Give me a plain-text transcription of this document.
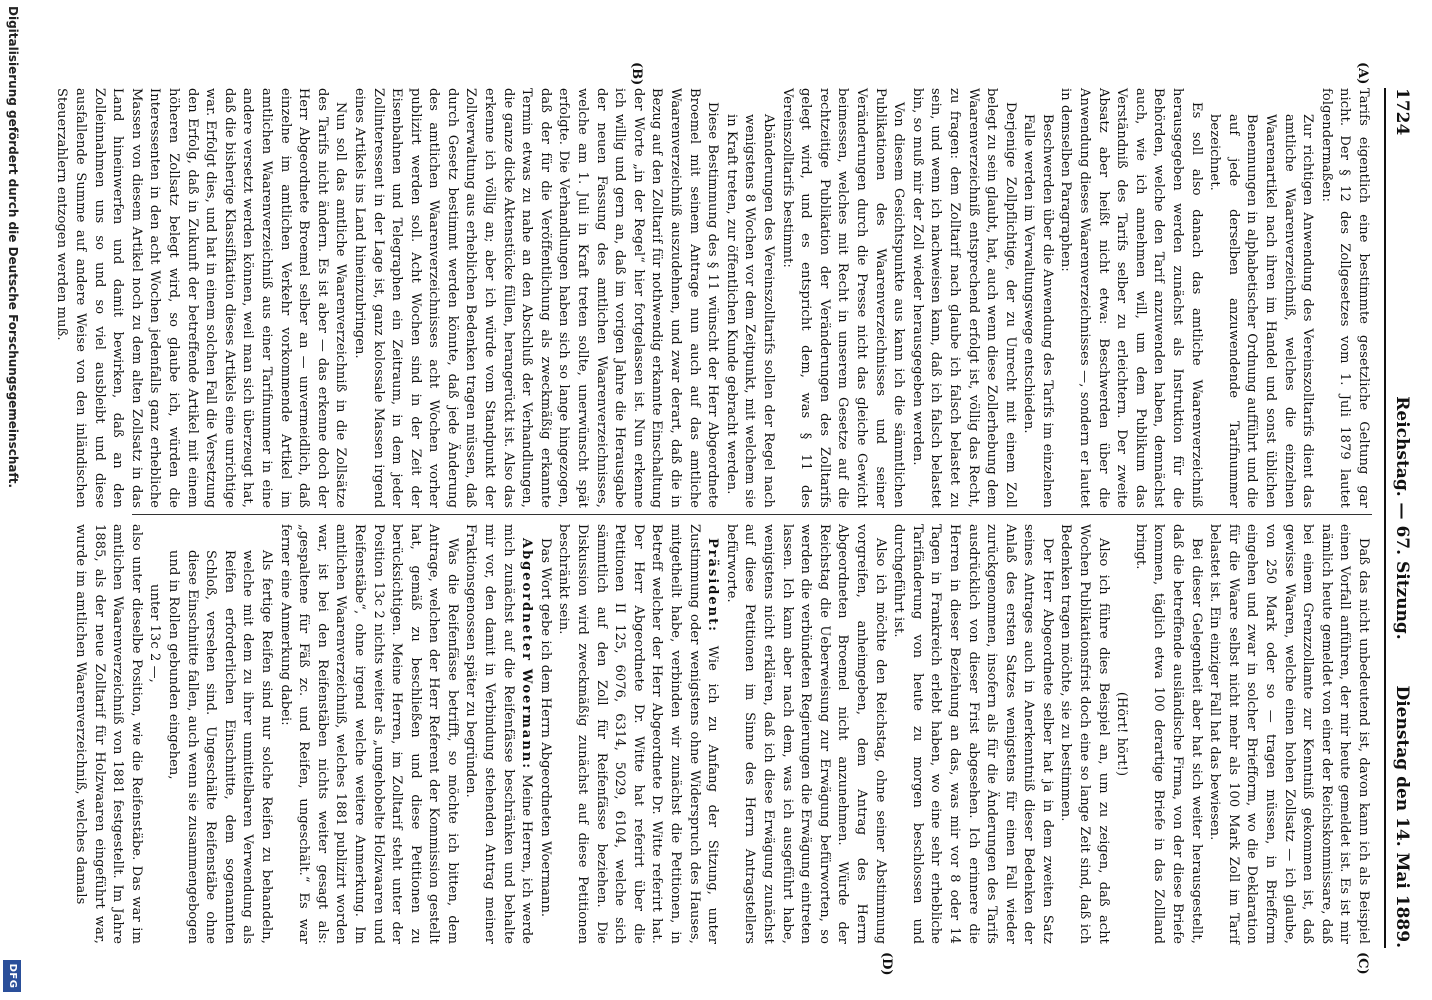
1724
Reichstag. — 67. Sitzung.
Dienstag den 14. Mai 1889.
(A)
(B)
(C)
(D)

Tarifs eigentlich eine bestimmte gesetzliche Geltung gar nicht. Der § 12 des Zollgesetzes vom 1. Juli 1879 lautet folgendermaßen:

Zur richtigen Anwendung des Vereinszolltarifs dient das amtliche Waarenverzeichniß, welches die einzelnen Waarenartikel nach ihren im Handel und sonst üblichen Benennungen in alphabetischer Ordnung aufführt und die auf jede derselben anzuwendende Tarifnummer bezeichnet.

Es soll also danach das amtliche Waarenverzeichniß herausgegeben werden zunächst als Instruktion für die Behörden, welche den Tarif anzuwenden haben, demnächst auch, wie ich annehmen will, um dem Publikum das Verständniß des Tarifs selber zu erleichtern. Der zweite Absatz aber heißt nicht etwa: Beschwerden über die Anwendung dieses Waarenverzeichnisses —, sondern er lautet in demselben Paragraphen:

Beschwerden über die Anwendung des Tarifs im einzelnen Falle werden im Verwaltungswege entschieden.

Derjenige Zollpflichtige, der zu Unrecht mit einem Zoll belegt zu sein glaubt, hat, auch wenn diese Zollerhebung dem Waarenverzeichniß entsprechend erfolgt ist, völlig das Recht, zu fragen: dem Zolltarif nach glaube ich falsch belastet zu sein, und wenn ich nachweisen kann, daß ich falsch belastet bin, so muß mir der Zoll wieder herausgegeben werden.

Von diesem Gesichtspunkte aus kann ich die sämmtlichen Publikationen des Waarenverzeichnisses und seiner Veränderungen durch die Presse nicht das gleiche Gewicht beimessen, welches mit Recht in unserem Gesetze auf die rechtzeitige Publikation der Veränderungen des Zolltarifs gelegt wird, und es entspricht dem, was § 11 des Vereinszolltarifs bestimmt:

Abänderungen des Vereinszolltarifs sollen der Regel nach wenigstens 8 Wochen vor dem Zeitpunkt, mit welchem sie in Kraft treten, zur öffentlichen Kunde gebracht werden.

Diese Bestimmung des § 11 wünscht der Herr Abgeordnete Broemel mit seinem Antrage nun auch auf das amtliche Waarenverzeichniß auszudehnen, und zwar derart, daß die in Bezug auf den Zolltarif für nothwendig erkannte Einschaltung der Worte „in der Regel“ hier fortgelassen ist. Nun erkenne ich willig und gern an, daß im vorigen Jahre die Herausgabe der neuen Fassung des amtlichen Waarenverzeichnisses, welche am 1. Juli in Kraft treten sollte, unerwünscht spät erfolgte. Die Verhandlungen haben sich so lange hingezogen, daß der für die Veröffentlichung als zweckmäßig erkannte Termin etwas zu nahe an den Abschluß der Verhandlungen, die ganze dicke Aktenstücke füllen, herangerückt ist. Also das erkenne ich völlig an; aber ich würde vom Standpunkt der Zollverwaltung aus erheblichen Bedenken tragen müssen, daß durch Gesetz bestimmt werden könnte, daß jede Änderung des amtlichen Waarenverzeichnisses acht Wochen vorher publizirt werden soll. Acht Wochen sind in der Zeit der Eisenbahnen und Telegraphen ein Zeitraum, in dem jeder Zollinteressent in der Lage ist, ganz kolossale Massen irgend eines Artikels ins Land hineinzubringen.

Nun soll das amtliche Waarenverzeichniß in die Zollsätze des Tarifs nicht ändern. Es ist aber — das erkenne doch der Herr Abgeordnete Broemel selber an — unvermeidlich, daß einzelne im amtlichen Verkehr vorkommende Artikel im amtlichen Waarenverzeichniß aus einer Tarifnummer in eine andere versetzt werden können, weil man sich überzeugt hat, daß die bisherige Klassifikation dieses Artikels eine unrichtige war. Erfolgt dies, und hat in einem solchen Fall die Versetzung den Erfolg, daß in Zukunft der betreffende Artikel mit einem höheren Zollsatz belegt wird, so glaube ich, würden die Interessenten in den acht Wochen jedenfalls ganz erhebliche Massen von diesem Artikel noch zu dem alten Zollsatz in das Land hineinwerfen und damit bewirken, daß an den Zolleinnahmen uns so und so viel ausbleibt und diese ausfallende Summe auf andere Weise von den inländischen Steuerzahlern entzogen werden muß.

Daß das nicht unbedeutend ist, davon kann ich als Beispiel einen Vorfall anführen, der mir heute gemeldet ist. Es ist mir nämlich heute gemeldet von einer der Reichskommissare, daß bei einem Grenzzollamte zur Kenntniß gekommen ist, daß gewisse Waaren, welche einen hohen Zollsatz — ich glaube, von 250 Mark oder so — tragen müssen, in Briefform eingehen und zwar in solcher Briefform, wo die Deklaration für die Waare selbst nicht mehr als 100 Mark Zoll im Tarif belastet ist. Ein einziger Fall hat das bewiesen.

Bei dieser Gelegenheit aber hat sich weiter herausgestellt, daß die betreffende ausländische Firma, von der diese Briefe kommen, täglich etwa 100 derartige Briefe in das Zollland bringt.

(Hört! hört!)

Also ich führe dies Beispiel an, um zu zeigen, daß acht Wochen Publikationsfrist doch eine so lange Zeit sind, daß ich Bedenken tragen möchte, sie zu bestimmen.

Der Herr Abgeordnete selber hat ja in dem zweiten Satz seines Antrages auch in Anerkenntniß dieser Bedenken der Anlaß des ersten Satzes wenigstens für einen Fall wieder zurückgenommen, insofern als für die Änderungen des Tarifs ausdrücklich von dieser Frist abgesehen. Ich erinnere die Herren in dieser Beziehung an das, was mir vor 8 oder 14 Tagen in Frankreich erlebt haben, wo eine sehr erhebliche Tarifänderung von heute zu morgen beschlossen und durchgeführt ist.

Also ich möchte den Reichstag, ohne seiner Abstimmung vorgreifen, anheimgeben, dem Antrag des Herrn Abgeordneten Broemel nicht anzunehmen. Würde der Reichstag die Ueberweisung zur Erwägung befürworten, so werden die verbündeten Regierungen die Erwägung eintreten lassen. Ich kann aber nach dem, was ich ausgeführt habe, wenigstens nicht erklären, daß ich diese Erwägung zunächst auf diese Petitionen im Sinne des Herrn Antragstellers befürworte.

Präsident: Wie ich zu Anfang der Sitzung, unter Zustimmung oder wenigstens ohne Widerspruch des Hauses, mitgetheilt habe, verbinden wir zunächst die Petitionen, in Betreff welcher der Herr Abgeordnete Dr. Witte referirt hat. Der Herr Abgeordnete Dr. Witte hat referirt über die Petitionen II 125, 6076, 6314, 5029, 6104, welche sich sämmtlich auf den Zoll für Reifenfässe beziehen. Die Diskussion wird zweckmäßig zunächst auf diese Petitionen beschränkt sein.

Das Wort gebe ich dem Herrn Abgeordneten Woermann.

Abgeordneter Woermann: Meine Herren, ich werde mich zunächst auf die Reifenfässe beschränken und behalte mir vor, den damit in Verbindung stehenden Antrag meiner Fraktionsgenossen später zu begründen.

Was die Reifenfässe betrifft, so möchte ich bitten, dem Antrage, welchen der Herr Referent der Kommission gestellt hat, gemäß zu beschließen und diese Petitionen zu berücksichtigen. Meine Herren, im Zolltarif steht unter der Position 13c 2 nichts weiter als „ungehobelte Holzwaaren und Reifenstäbe“, ohne irgend welche weitere Anmerkung. Im amtlichen Waarenverzeichniß, welches 1881 publizirt worden war, ist bei den Reifenstäben nichts weiter gesagt als: „gespaltene für Fäß zc. und Reifen, ungeschält.“ Es war ferner eine Anmerkung dabei:

Als fertige Reifen sind nur solche Reifen zu behandeln, welche mit dem zu ihrer unmittelbaren Verwendung als Reifen erforderlichen Einschnitte, dem sogenannten Schloß, versehen sind. Ungeschälte Reifenstäbe ohne diese Einschnitte fallen, auch wenn sie zusammengebogen und in Rollen gebunden eingehen,

unter 13c 2 —,

also unter dieselbe Position, wie die Reifenstäbe. Das war im amtlichen Waarenverzeichniß von 1881 festgestellt. Im Jahre 1885, als der neue Zolltarif für Holzwaaren eingeführt war, wurde im amtlichen Waarenverzeichniß, welches damals

Digitalisierung gefördert durch die Deutsche Forschungsgemeinschaft.
DFG
